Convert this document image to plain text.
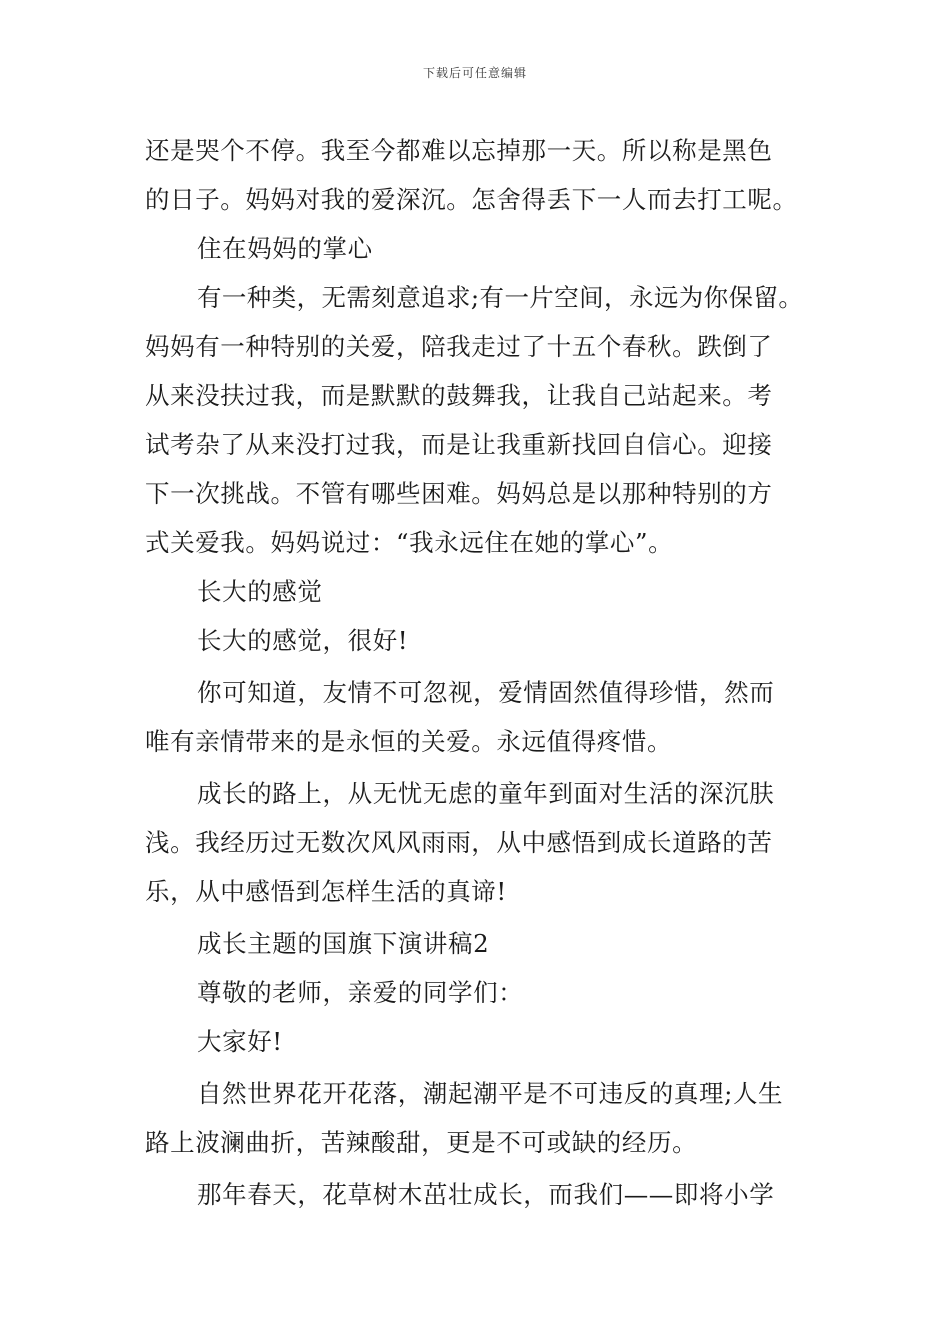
下载后可任意编辑
还是哭个不停。我至今都难以忘掉那一天。所以称是黑色
的日子。妈妈对我的爱深沉。怎舍得丢下一人而去打工呢。
住在妈妈的掌心
有一种类，无需刻意追求;有一片空间，永远为你保留。
妈妈有一种特别的关爱，陪我走过了十五个春秋。跌倒了
从来没扶过我，而是默默的鼓舞我，让我自己站起来。考
试考杂了从来没打过我，而是让我重新找回自信心。迎接
下一次挑战。不管有哪些困难。妈妈总是以那种特别的方
式关爱我。妈妈说过：“我永远住在她的掌心”。
长大的感觉
长大的感觉，很好!
你可知道，友情不可忽视，爱情固然值得珍惜，然而
唯有亲情带来的是永恒的关爱。永远值得疼惜。
成长的路上，从无忧无虑的童年到面对生活的深沉肤
浅。我经历过无数次风风雨雨，从中感悟到成长道路的苦
乐，从中感悟到怎样生活的真谛!
成长主题的国旗下演讲稿2
尊敬的老师，亲爱的同学们：
大家好!
自然世界花开花落，潮起潮平是不可违反的真理;人生
路上波澜曲折，苦辣酸甜，更是不可或缺的经历。
那年春天，花草树木茁壮成长，而我们——即将小学
